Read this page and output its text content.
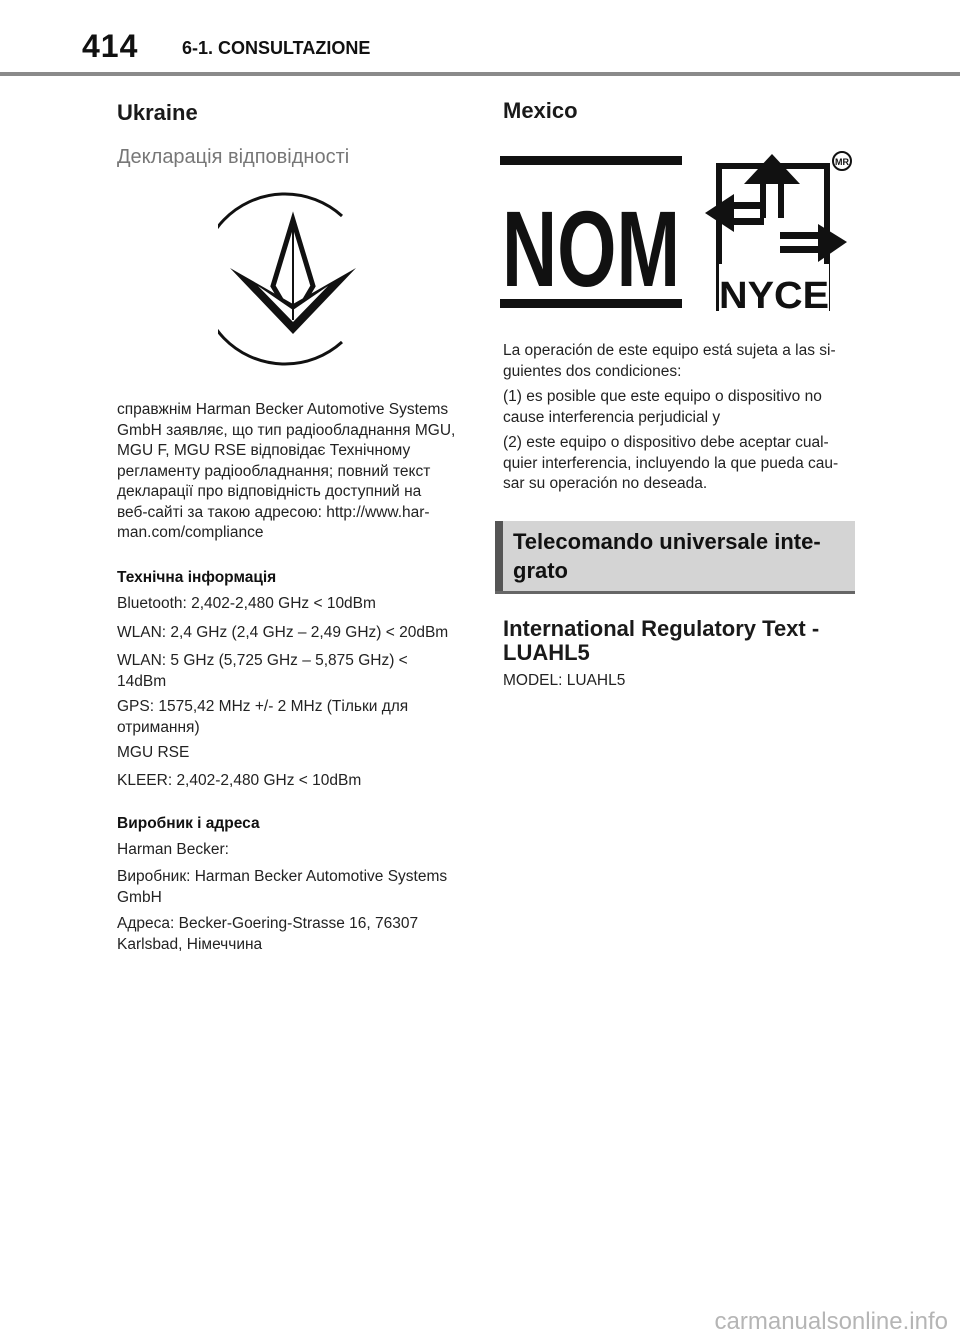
414 6-1. CONSULTAZIONE
Ukraine
Декларація відповідності

справжнім Harman Becker Automotive Systems
GmbH заявляє, що тип радіообладнання MGU,
MGU F, MGU RSE відповідає Технічному
регламенту радіообладнання; повний текст
декларації про відповідність доступний на
веб-сайті за такою адресою: http://www.har-
man.com/compliance

Технічна інформація

Bluetooth: 2,402-2,480 GHz < 10dBm

WLAN: 2,4 GHz (2,4 GHz – 2,49 GHz) < 20dBm

WLAN: 5 GHz (5,725 GHz – 5,875 GHz) <
14dBm

GPS: 1575,42 MHz +/- 2 MHz (Тільки для
отримання)

MGU RSE

KLEER: 2,402-2,480 GHz < 10dBm

Виробник і адреса

Harman Becker:

Виробник: Harman Becker Automotive Systems
GmbH

Адреса: Becker-Goering-Strasse 16, 76307
Karlsbad, Німеччина

Mexico
NOM NYCE
MR

La operación de este equipo está sujeta a las si-
guientes dos condiciones:

(1) es posible que este equipo o dispositivo no
cause interferencia perjudicial y

(2) este equipo o dispositivo debe aceptar cual-
quier interferencia, incluyendo la que pueda cau-
sar su operación no deseada.

Telecomando universale inte-
grato
International Regulatory Text -
LUAHL5

MODEL: LUAHL5

carmanualsonline.info
